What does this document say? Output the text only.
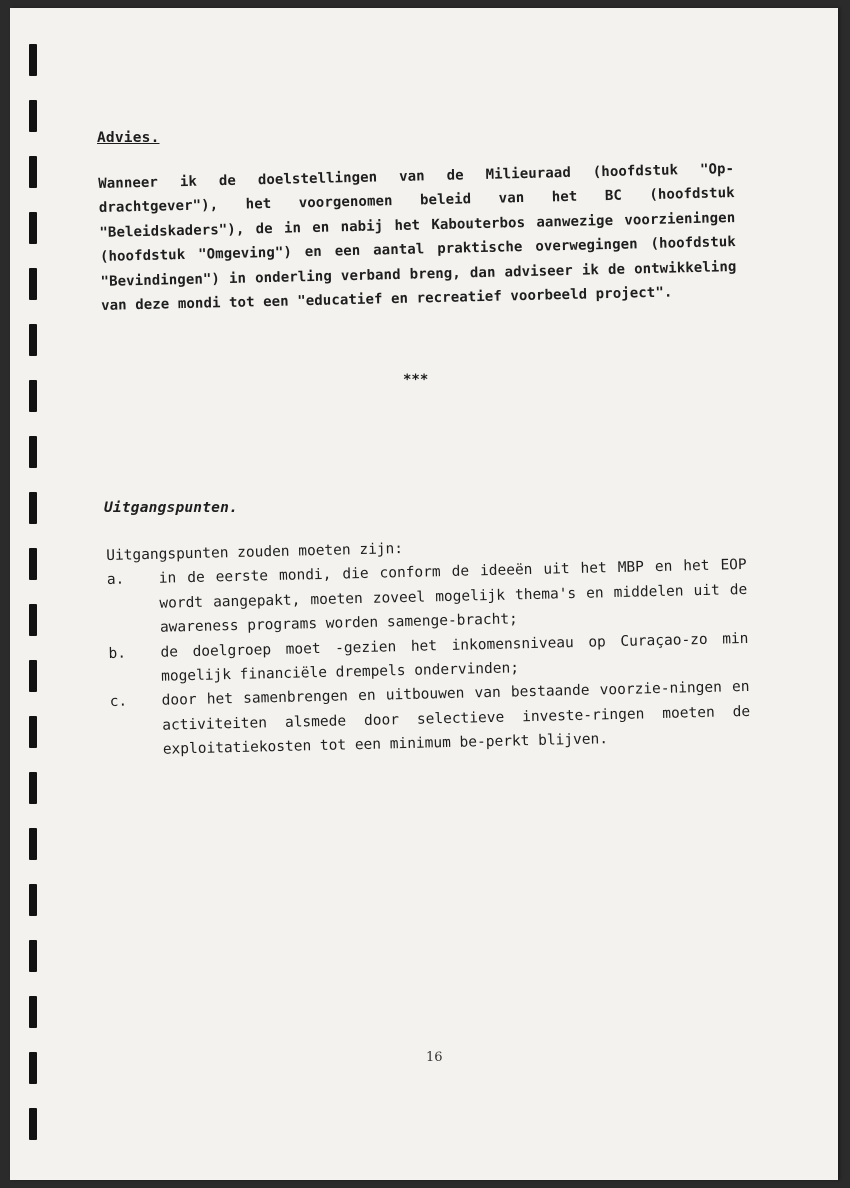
Advies.
Wanneer ik de doelstellingen van de Milieuraad (hoofdstuk "Op-drachtgever"), het voorgenomen beleid van het BC (hoofdstuk "Beleidskaders"), de in en nabij het Kabouterbos aanwezige voorzieningen (hoofdstuk "Omgeving") en een aantal praktische overwegingen (hoofdstuk "Bevindingen") in onderling verband breng, dan adviseer ik de ontwikkeling van deze mondi tot een "educatief en recreatief voorbeeld project".
***
Uitgangspunten.
Uitgangspunten zouden moeten zijn:
a.	in de eerste mondi, die conform de ideeën uit het MBP en het EOP wordt aangepakt, moeten zoveel mogelijk thema's en middelen uit de awareness programs worden samenge-bracht;
b.	de doelgroep moet -gezien het inkomensniveau op Curaçao-zo min mogelijk financiële drempels ondervinden;
c.	door het samenbrengen en uitbouwen van bestaande voorzie-ningen en activiteiten alsmede door selectieve investe-ringen moeten de exploitatiekosten tot een minimum be-perkt blijven.
16
